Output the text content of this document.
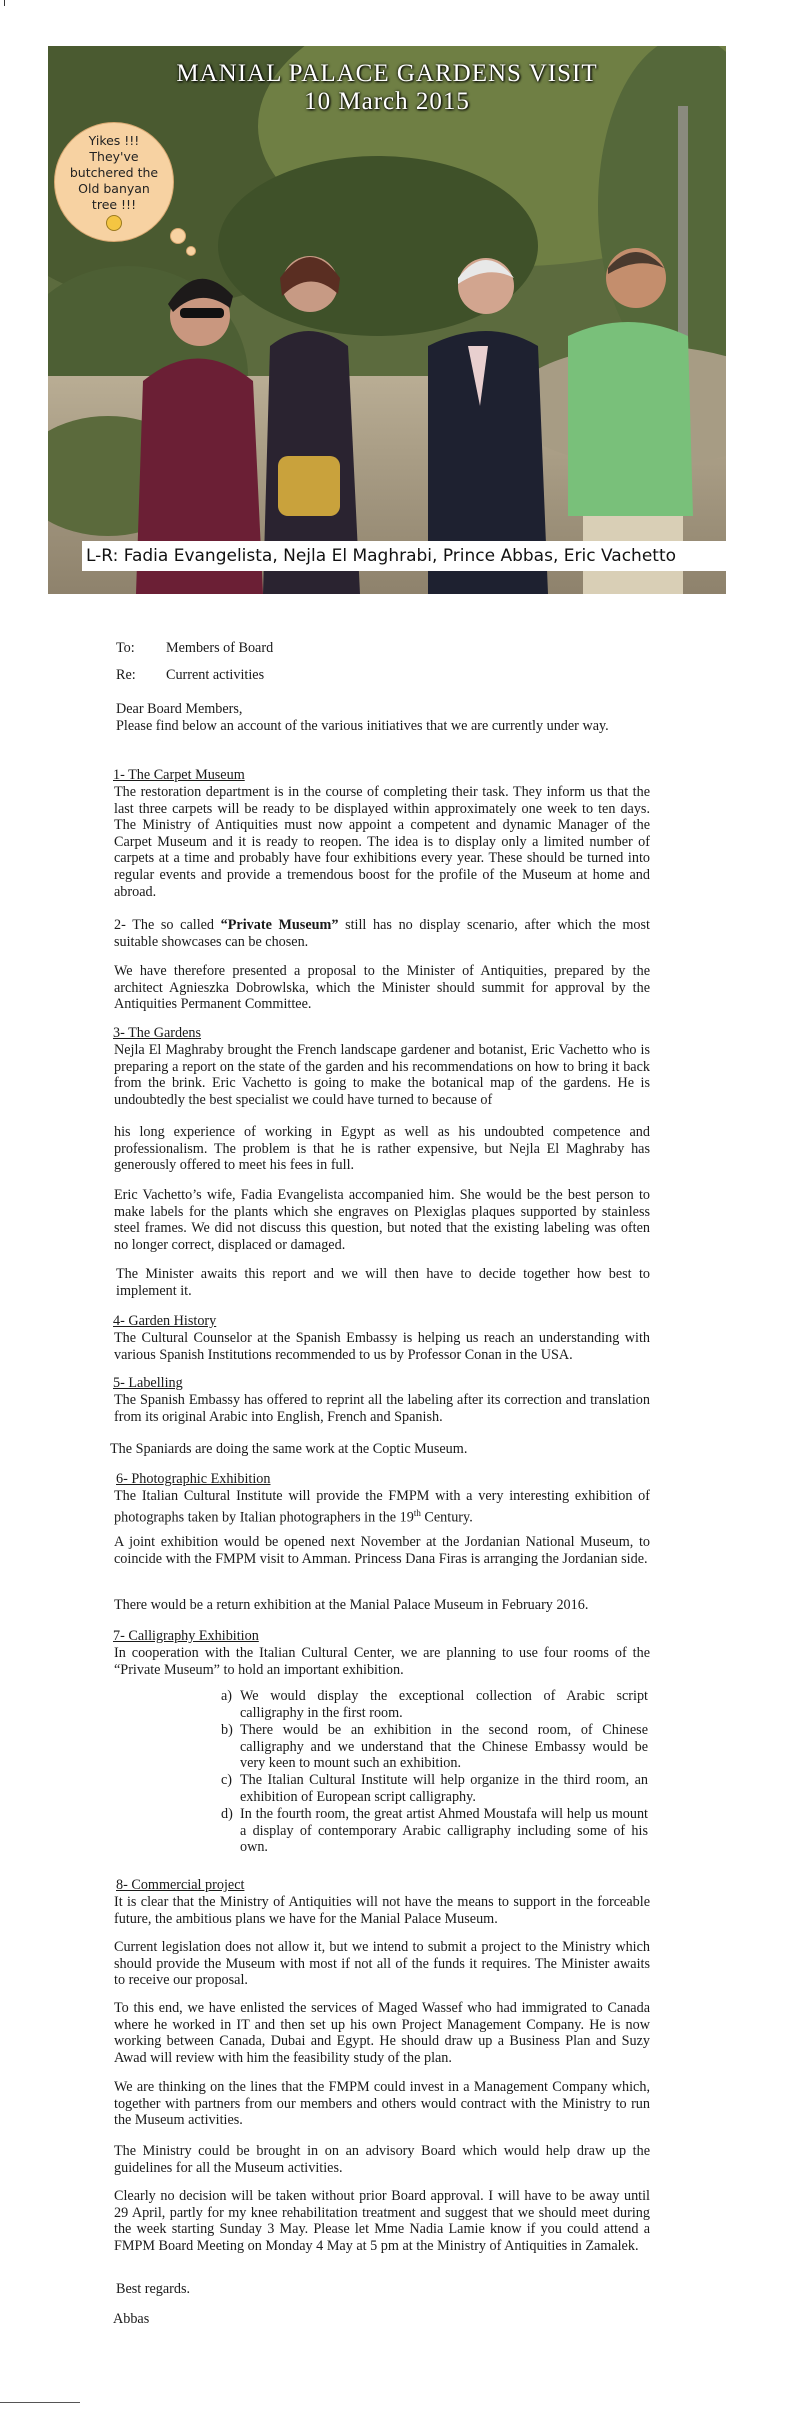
MANIAL PALACE GARDENS VISIT
10 March 2015
Yikes !!!
They've
butchered the
Old banyan
tree !!!
L-R: Fadia Evangelista, Nejla El Maghrabi, Prince Abbas, Eric Vachetto
To: Members of Board
Re: Current activities
Dear Board Members,
Please find below an account of the various initiatives that we are currently under way.
1- The Carpet Museum
The restoration department is in the course of completing their task. They inform us that the last three carpets will be ready to be displayed within approximately one week to ten days. The Ministry of Antiquities must now appoint a competent and dynamic Manager of the Carpet Museum and it is ready to reopen. The idea is to display only a limited number of carpets at a time and probably have four exhibitions every year. These should be turned into regular events and provide a tremendous boost for the profile of the Museum at home and abroad.
2- The so called “Private Museum” still has no display scenario, after which the most suitable showcases can be chosen.
We have therefore presented a proposal to the Minister of Antiquities, prepared by the architect Agnieszka Dobrowlska, which the Minister should summit for approval by the Antiquities Permanent Committee.
3- The Gardens
Nejla El Maghraby brought the French landscape gardener and botanist, Eric Vachetto who is preparing a report on the state of the garden and his recommendations on how to bring it back from the brink. Eric Vachetto is going to make the botanical map of the gardens. He is undoubtedly the best specialist we could have turned to because of
his long experience of working in Egypt as well as his undoubted competence and professionalism. The problem is that he is rather expensive, but Nejla El Maghraby has generously offered to meet his fees in full.
Eric Vachetto’s wife, Fadia Evangelista accompanied him. She would be the best person to make labels for the plants which she engraves on Plexiglas plaques supported by stainless steel frames. We did not discuss this question, but noted that the existing labeling was often no longer correct, displaced or damaged.
The Minister awaits this report and we will then have to decide together how best to implement it.
4- Garden History
The Cultural Counselor at the Spanish Embassy is helping us reach an understanding with various Spanish Institutions recommended to us by Professor Conan in the USA.
5- Labelling
The Spanish Embassy has offered to reprint all the labeling after its correction and translation from its original Arabic into English, French and Spanish.
The Spaniards are doing the same work at the Coptic Museum.
6- Photographic Exhibition
The Italian Cultural Institute will provide the FMPM with a very interesting exhibition of photographs taken by Italian photographers in the 19th Century.
A joint exhibition would be opened next November at the Jordanian National Museum, to coincide with the FMPM visit to Amman. Princess Dana Firas is arranging the Jordanian side.
There would be a return exhibition at the Manial Palace Museum in February 2016.
7- Calligraphy Exhibition
In cooperation with the Italian Cultural Center, we are planning to use four rooms of the “Private Museum” to hold an important exhibition.
a) We would display the exceptional collection of Arabic script calligraphy in the first room.
b) There would be an exhibition in the second room, of Chinese calligraphy and we understand that the Chinese Embassy would be very keen to mount such an exhibition.
c) The Italian Cultural Institute will help organize in the third room, an exhibition of European script calligraphy.
d) In the fourth room, the great artist Ahmed Moustafa will help us mount a display of contemporary Arabic calligraphy including some of his own.
8- Commercial project
It is clear that the Ministry of Antiquities will not have the means to support in the forceable future, the ambitious plans we have for the Manial Palace Museum.
Current legislation does not allow it, but we intend to submit a project to the Ministry which should provide the Museum with most if not all of the funds it requires. The Minister awaits to receive our proposal.
To this end, we have enlisted the services of Maged Wassef who had immigrated to Canada where he worked in IT and then set up his own Project Management Company. He is now working between Canada, Dubai and Egypt. He should draw up a Business Plan and Suzy Awad will review with him the feasibility study of the plan.
We are thinking on the lines that the FMPM could invest in a Management Company which, together with partners from our members and others would contract with the Ministry to run the Museum activities.
The Ministry could be brought in on an advisory Board which would help draw up the guidelines for all the Museum activities.
Clearly no decision will be taken without prior Board approval. I will have to be away until 29 April, partly for my knee rehabilitation treatment and suggest that we should meet during the week starting Sunday 3 May. Please let Mme Nadia Lamie know if you could attend a FMPM Board Meeting on Monday 4 May at 5 pm at the Ministry of Antiquities in Zamalek.
Best regards.
Abbas
